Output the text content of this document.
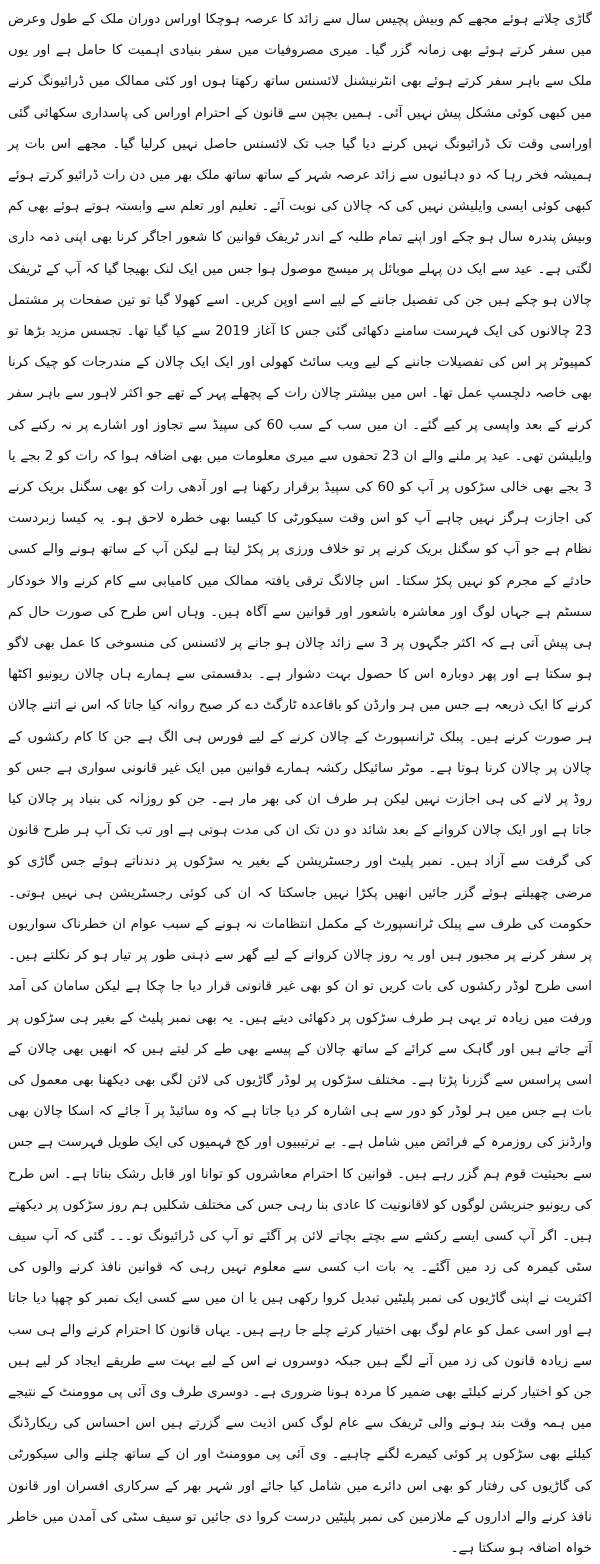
گاڑی چلاتے ہوئے مجھے کم وبیش پچیس سال سے زائد کا عرصہ ہوچکا اوراس دوران ملک کے طول وعرض میں سفر کرتے ہوئے بھی زمانہ گزر گیا۔ میری مصروفیات میں سفر بنیادی اہمیت کا حامل ہے اور یوں ملک سے باہر سفر کرتے ہوئے بھی انٹرنیشنل لائسنس ساتھ رکھتا ہوں اور کئی ممالک میں ڈرائیونگ کرنے میں کبھی کوئی مشکل پیش نہیں آئی۔ ہمیں بچپن سے قانون کے احترام اوراس کی پاسداری سکھائی گئی اوراسی وقت تک ڈرائیونگ نہیں کرنے دیا گیا جب تک لائسنس حاصل نہیں کرلیا گیا۔ مجھے اس بات پر ہمیشہ فخر رہا کہ دو دہائیوں سے زائد عرصہ شہر کے ساتھ ساتھ ملک بھر میں دن رات ڈرائیو کرتے ہوئے کبھی کوئی ایسی وایلیشن نہیں کی کہ چالان کی نوبت آئے۔ تعلیم اور تعلم سے وابستہ ہوتے ہوئے بھی کم وبیش پندرہ سال ہو چکے اور اپنے تمام طلبہ کے اندر ٹریفک قوانین کا شعور اجاگر کرنا بھی اپنی ذمہ داری لگتی ہے۔ عید سے ایک دن پہلے موبائل پر میسج موصول ہوا جس میں ایک لنک بھیجا گیا کہ آپ کے ٹریفک چالان ہو چکے ہیں جن کی تفصیل جاننے کے لیے اسے اوپن کریں۔ اسے کھولا گیا تو تین صفحات پر مشتمل 23 چالانوں کی ایک فہرست سامنے دکھائی گئی جس کا آغاز 2019 سے کیا گیا تھا۔ تجسس مزید بڑھا تو کمپیوٹر پر اس کی تفصیلات جاننے کے لیے ویب سائٹ کھولی اور ایک ایک چالان کے مندرجات کو چیک کرنا بھی خاصہ دلچسپ عمل تھا۔ اس میں بیشتر چالان رات کے پچھلے پہر کے تھے جو اکثر لاہور سے باہر سفر کرنے کے بعد واپسی پر کیے گئے۔ ان میں سب کے سب 60 کی سپیڈ سے تجاوز اور اشارے پر نہ رکنے کی وایلیشن تھی۔ عید پر ملنے والے ان 23 تحفوں سے میری معلومات میں بھی اضافہ ہوا کہ رات کو 2 بجے یا 3 بجے بھی خالی سڑکوں پر آپ کو 60 کی سپیڈ برقرار رکھنا ہے اور آدھی رات کو بھی سگنل بریک کرنے کی اجازت ہرگز نہیں چاہے آپ کو اس وقت سیکورٹی کا کیسا بھی خطرہ لاحق ہو۔ یہ کیسا زبردست نظام ہے جو آپ کو سگنل بریک کرنے پر تو خلاف ورزی پر پکڑ لیتا ہے لیکن آپ کے ساتھ ہونے والے کسی حادثے کے مجرم کو نہیں پکڑ سکتا۔ اس چالانگ ترقی یافتہ ممالک میں کامیابی سے کام کرنے والا خودکار سسٹم ہے جہاں لوگ اور معاشرہ باشعور اور قوانین سے آگاہ ہیں۔ وہاں اس طرح کی صورت حال کم ہی پیش آتی ہے کہ اکثر جگہوں پر 3 سے زائد چالان ہو جانے پر لائسنس کی منسوخی کا عمل بھی لاگو ہو سکتا ہے اور پھر دوبارہ اس کا حصول بہت دشوار ہے۔ بدقسمتی سے ہمارے ہاں چالان ریونیو اکٹھا کرنے کا ایک ذریعہ ہے جس میں ہر وارڈن کو باقاعدہ ٹارگٹ دے کر صبح روانہ کیا جاتا کہ اس نے اتنے چالان ہر صورت کرنے ہیں۔ پبلک ٹرانسپورٹ کے چالان کرنے کے لیے فورس ہی الگ ہے جن کا کام رکشوں کے چالان پر چالان کرنا ہوتا ہے۔ موٹر سائیکل رکشہ ہمارے قوانین میں ایک غیر قانونی سواری ہے جس کو روڈ پر لانے کی ہی اجازت نہیں لیکن ہر طرف ان کی بھر مار ہے۔ جن کو روزانہ کی بنیاد پر چالان کیا جاتا ہے اور ایک چالان کروانے کے بعد شائد دو دن تک ان کی مدت ہوتی ہے اور تب تک آپ ہر طرح قانون کی گرفت سے آزاد ہیں۔ نمبر پلیٹ اور رجسٹریشن کے بغیر یہ سڑکوں پر دندناتے ہوئے جس گاڑی کو مرضی چھیلتے ہوئے گزر جائیں انھیں پکڑا نہیں جاسکتا کہ ان کی کوئی رجسٹریشن ہی نہیں ہوتی۔ حکومت کی طرف سے پبلک ٹرانسپورٹ کے مکمل انتظامات نہ ہونے کے سبب عوام ان خطرناک سواریوں پر سفر کرنے پر مجبور ہیں اور یہ روز چالان کروانے کے لیے گھر سے ذہنی طور پر تیار ہو کر نکلتے ہیں۔ اسی طرح لوڈر رکشوں کی بات کریں تو ان کو بھی غیر قانونی قرار دیا جا چکا ہے لیکن سامان کی آمد ورفت میں زیادہ تر یہی ہر طرف سڑکوں پر دکھائی دیتے ہیں۔ یہ بھی نمبر پلیٹ کے بغیر ہی سڑکوں پر آتے جاتے ہیں اور گاہک سے کرائے کے ساتھ چالان کے پیسے بھی طے کر لیتے ہیں کہ انھیں بھی چالان کے اسی پراسس سے گزرنا پڑتا ہے۔ مختلف سڑکوں پر لوڈر گاڑیوں کی لائن لگی بھی دیکھنا بھی معمول کی بات ہے جس میں ہر لوڈر کو دور سے ہی اشارہ کر دیا جاتا ہے کہ وہ سائیڈ پر آ جائے کہ اسکا چالان بھی وارڈنز کی روزمرہ کے فرائض میں شامل ہے۔ بے ترتیبیوں اور کج فہمیوں کی ایک طویل فہرست ہے جس سے بحیثیت قوم ہم گزر رہے ہیں۔ قوانین کا احترام معاشروں کو توانا اور قابل رشک بناتا ہے۔ اس طرح کی ریونیو جنریشن لوگوں کو لاقانونیت کا عادی بنا رہی جس کی مختلف شکلیں ہم روز سڑکوں پر دیکھتے ہیں۔ اگر آپ کسی ایسے رکشے سے بچتے بچاتے لائن پر آگئے تو آپ کی ڈرائیونگ تو۔۔۔ گئی کہ آپ سیف سٹی کیمرہ کی زد میں آگئے۔ یہ بات اب کسی سے معلوم نہیں رہی کہ قوانین نافذ کرنے والوں کی اکثریت نے اپنی گاڑیوں کی نمبر پلیٹیں تبدیل کروا رکھی ہیں یا ان میں سے کسی ایک نمبر کو چھپا دیا جاتا ہے اور اسی عمل کو عام لوگ بھی اختیار کرتے چلے جا رہے ہیں۔ یہاں قانون کا احترام کرنے والے ہی سب سے زیادہ قانون کی زد میں آنے لگے ہیں جبکہ دوسروں نے اس کے لیے بہت سے طریقے ایجاد کر لیے ہیں جن کو اختیار کرنے کیلئے بھی ضمیر کا مردہ ہونا ضروری ہے۔ دوسری طرف وی آئی پی موومنٹ کے نتیجے میں ہمہ وقت بند ہونے والی ٹریفک سے عام لوگ کس اذیت سے گزرتے ہیں اس احساس کی ریکارڈنگ کیلئے بھی سڑکوں پر کوئی کیمرے لگنے چاہیے۔ وی آئی پی موومنٹ اور ان کے ساتھ چلنے والی سیکورٹی کی گاڑیوں کی رفتار کو بھی اس دائرے میں شامل کیا جائے اور شہر بھر کے سرکاری افسران اور قانون نافذ کرنے والے اداروں کے ملازمین کی نمبر پلیٹیں درست کروا دی جائیں تو سیف سٹی کی آمدن میں خاطر خواہ اضافہ ہو سکتا ہے۔
